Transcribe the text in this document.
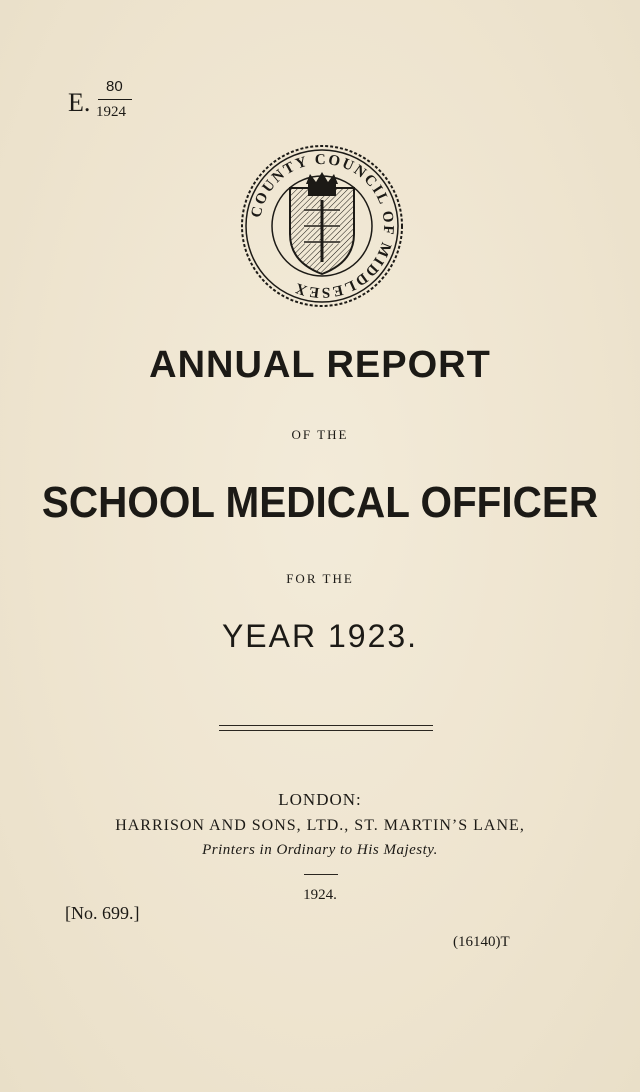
E.
80
1924
COUNTY COUNCIL OF MIDDLESEX
ANNUAL REPORT
OF THE
SCHOOL MEDICAL OFFICER
FOR THE
YEAR 1923.
LONDON:
HARRISON AND SONS, LTD., ST. MARTIN’S LANE,
Printers in Ordinary to His Majesty.
1924.
[No. 699.]
(16140)T
